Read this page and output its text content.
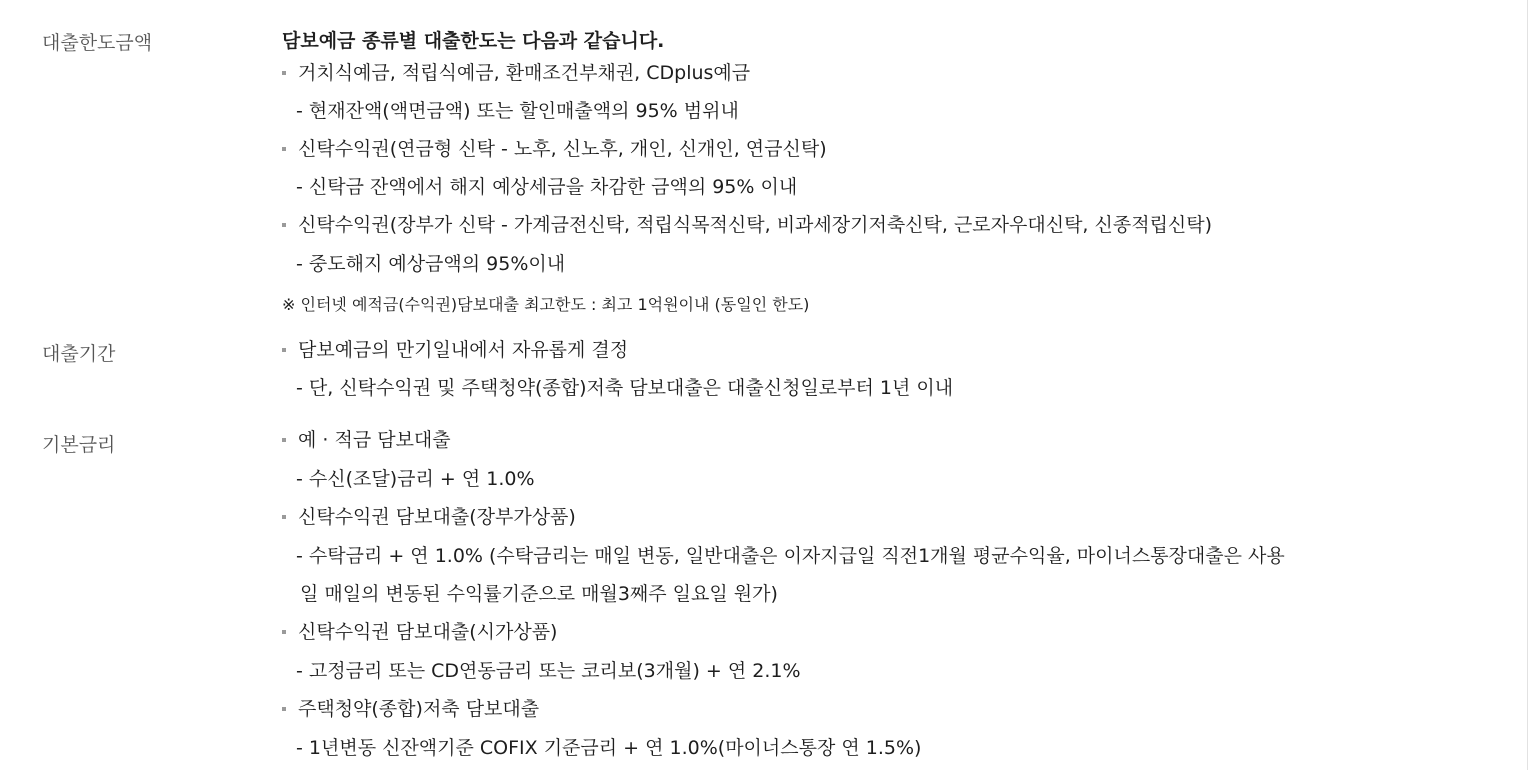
대출한도금액	담보예금 종류별 대출한도는 다음과 같습니다.
거치식예금, 적립식예금, 환매조건부채권, CDplus예금
- 현재잔액(액면금액) 또는 할인매출액의 95% 범위내
신탁수익권(연금형 신탁 - 노후, 신노후, 개인, 신개인, 연금신탁)
- 신탁금 잔액에서 해지 예상세금을 차감한 금액의 95% 이내
신탁수익권(장부가 신탁 - 가계금전신탁, 적립식목적신탁, 비과세장기저축신탁, 근로자우대신탁, 신종적립신탁)
- 중도해지 예상금액의 95%이내
※ 인터넷 예적금(수익권)담보대출 최고한도 : 최고 1억원이내 (동일인 한도)
대출기간	담보예금의 만기일내에서 자유롭게 결정
- 단, 신탁수익권 및 주택청약(종합)저축 담보대출은 대출신청일로부터 1년 이내
기본금리	예 · 적금 담보대출
- 수신(조달)금리 + 연 1.0%
신탁수익권 담보대출(장부가상품)
- 수탁금리 + 연 1.0% (수탁금리는 매일 변동, 일반대출은 이자지급일 직전1개월 평균수익율, 마이너스통장대출은 사용
일 매일의 변동된 수익률기준으로 매월3째주 일요일 원가)
신탁수익권 담보대출(시가상품)
- 고정금리 또는 CD연동금리 또는 코리보(3개월) + 연 2.1%
주택청약(종합)저축 담보대출
- 1년변동 신잔액기준 COFIX 기준금리 + 연 1.0%(마이너스통장 연 1.5%)
